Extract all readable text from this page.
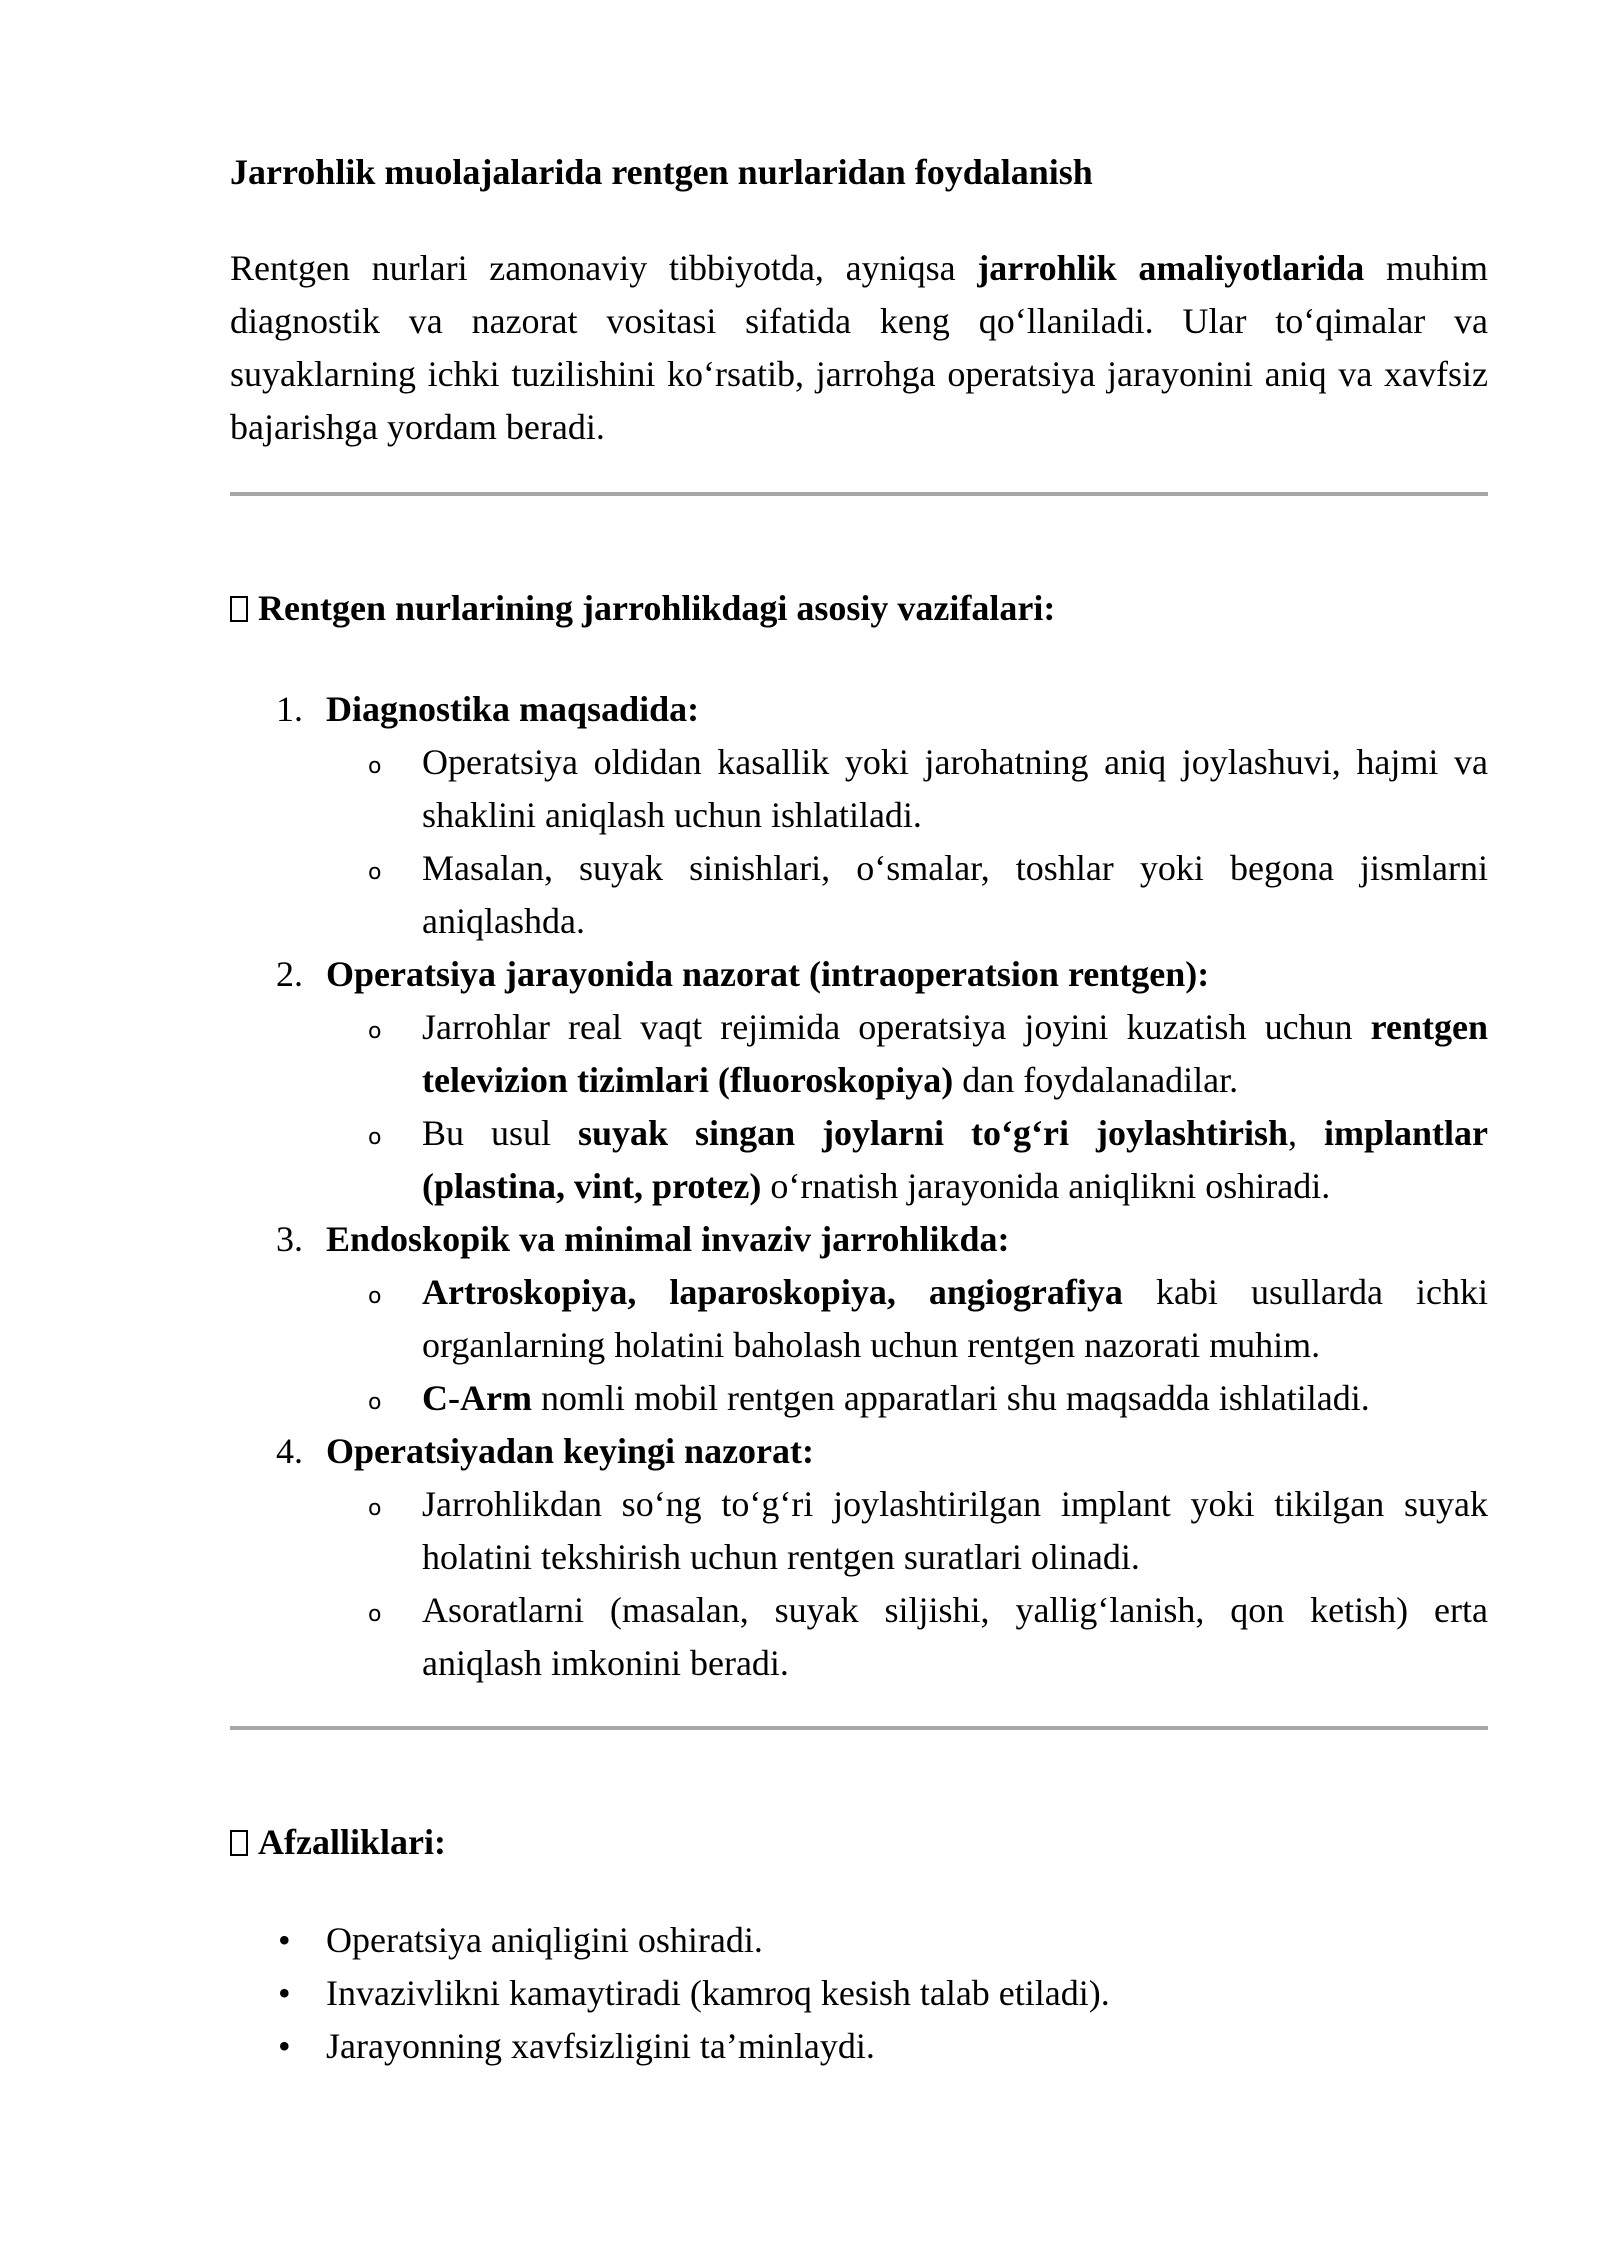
Jarrohlik muolajalarida rentgen nurlaridan foydalanish

Rentgen nurlari zamonaviy tibbiyotda, ayniqsa jarrohlik amaliyotlarida muhim diagnostik va nazorat vositasi sifatida keng qo‘llaniladi. Ular to‘qimalar va suyaklarning ichki tuzilishini ko‘rsatib, jarrohga operatsiya jarayonini aniq va xavfsiz bajarishga yordam beradi.

Rentgen nurlarining jarrohlikdagi asosiy vazifalari:
1. Diagnostika maqsadida:
o Operatsiya oldidan kasallik yoki jarohatning aniq joylashuvi, hajmi va shaklini aniqlash uchun ishlatiladi.
o Masalan, suyak sinishlari, o‘smalar, toshlar yoki begona jismlarni aniqlashda.
2. Operatsiya jarayonida nazorat (intraoperatsion rentgen):
o Jarrohlar real vaqt rejimida operatsiya joyini kuzatish uchun rentgen televizion tizimlari (fluoroskopiya) dan foydalanadilar.
o Bu usul suyak singan joylarni to‘g‘ri joylashtirish, implantlar (plastina, vint, protez) o‘rnatish jarayonida aniqlikni oshiradi.
3. Endoskopik va minimal invaziv jarrohlikda:
o Artroskopiya, laparoskopiya, angiografiya kabi usullarda ichki organlarning holatini baholash uchun rentgen nazorati muhim.
o C-Arm nomli mobil rentgen apparatlari shu maqsadda ishlatiladi.
4. Operatsiyadan keyingi nazorat:
o Jarrohlikdan so‘ng to‘g‘ri joylashtirilgan implant yoki tikilgan suyak holatini tekshirish uchun rentgen suratlari olinadi.
o Asoratlarni (masalan, suyak siljishi, yallig‘lanish, qon ketish) erta aniqlash imkonini beradi.
Afzalliklari:
• Operatsiya aniqligini oshiradi.
• Invazivlikni kamaytiradi (kamroq kesish talab etiladi).
• Jarayonning xavfsizligini ta’minlaydi.
